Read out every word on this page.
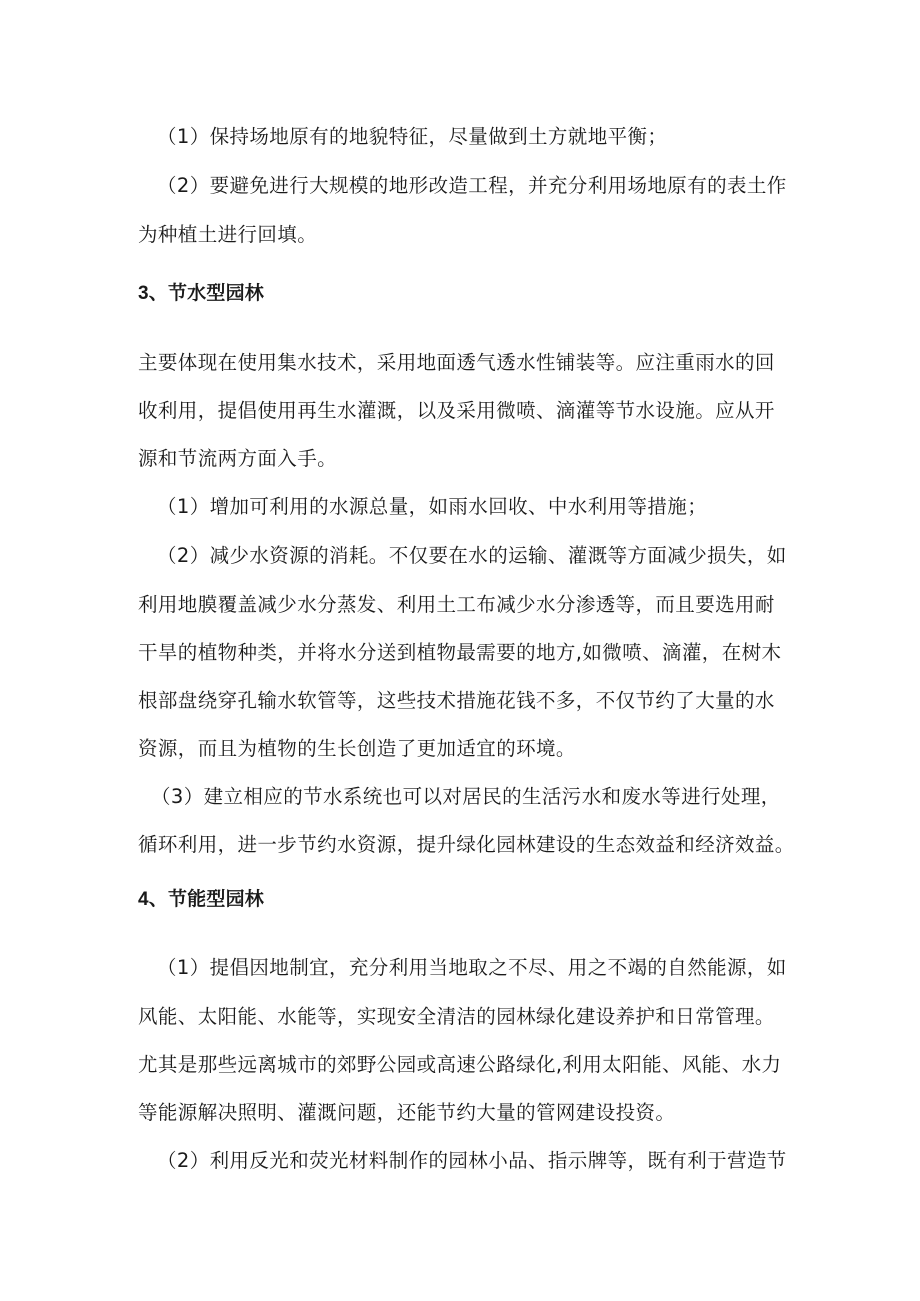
（1）保持场地原有的地貌特征，尽量做到土方就地平衡；
（2）要避免进行大规模的地形改造工程，并充分利用场地原有的表土作
为种植土进行回填。
3、节水型园林
主要体现在使用集水技术，采用地面透气透水性铺装等。应注重雨水的回
收利用，提倡使用再生水灌溉，以及采用微喷、滴灌等节水设施。应从开
源和节流两方面入手。
（1）增加可利用的水源总量，如雨水回收、中水利用等措施；
（2）减少水资源的消耗。不仅要在水的运输、灌溉等方面减少损失，如
利用地膜覆盖减少水分蒸发、利用土工布减少水分渗透等，而且要选用耐
干旱的植物种类，并将水分送到植物最需要的地方,如微喷、滴灌，在树木
根部盘绕穿孔输水软管等，这些技术措施花钱不多，不仅节约了大量的水
资源，而且为植物的生长创造了更加适宜的环境。
（3）建立相应的节水系统也可以对居民的生活污水和废水等进行处理，
循环利用，进一步节约水资源，提升绿化园林建设的生态效益和经济效益。
4、节能型园林
（1）提倡因地制宜，充分利用当地取之不尽、用之不竭的自然能源，如
风能、太阳能、水能等，实现安全清洁的园林绿化建设养护和日常管理。
尤其是那些远离城市的郊野公园或高速公路绿化,利用太阳能、风能、水力
等能源解决照明、灌溉问题，还能节约大量的管网建设投资。
（2）利用反光和荧光材料制作的园林小品、指示牌等，既有利于营造节
